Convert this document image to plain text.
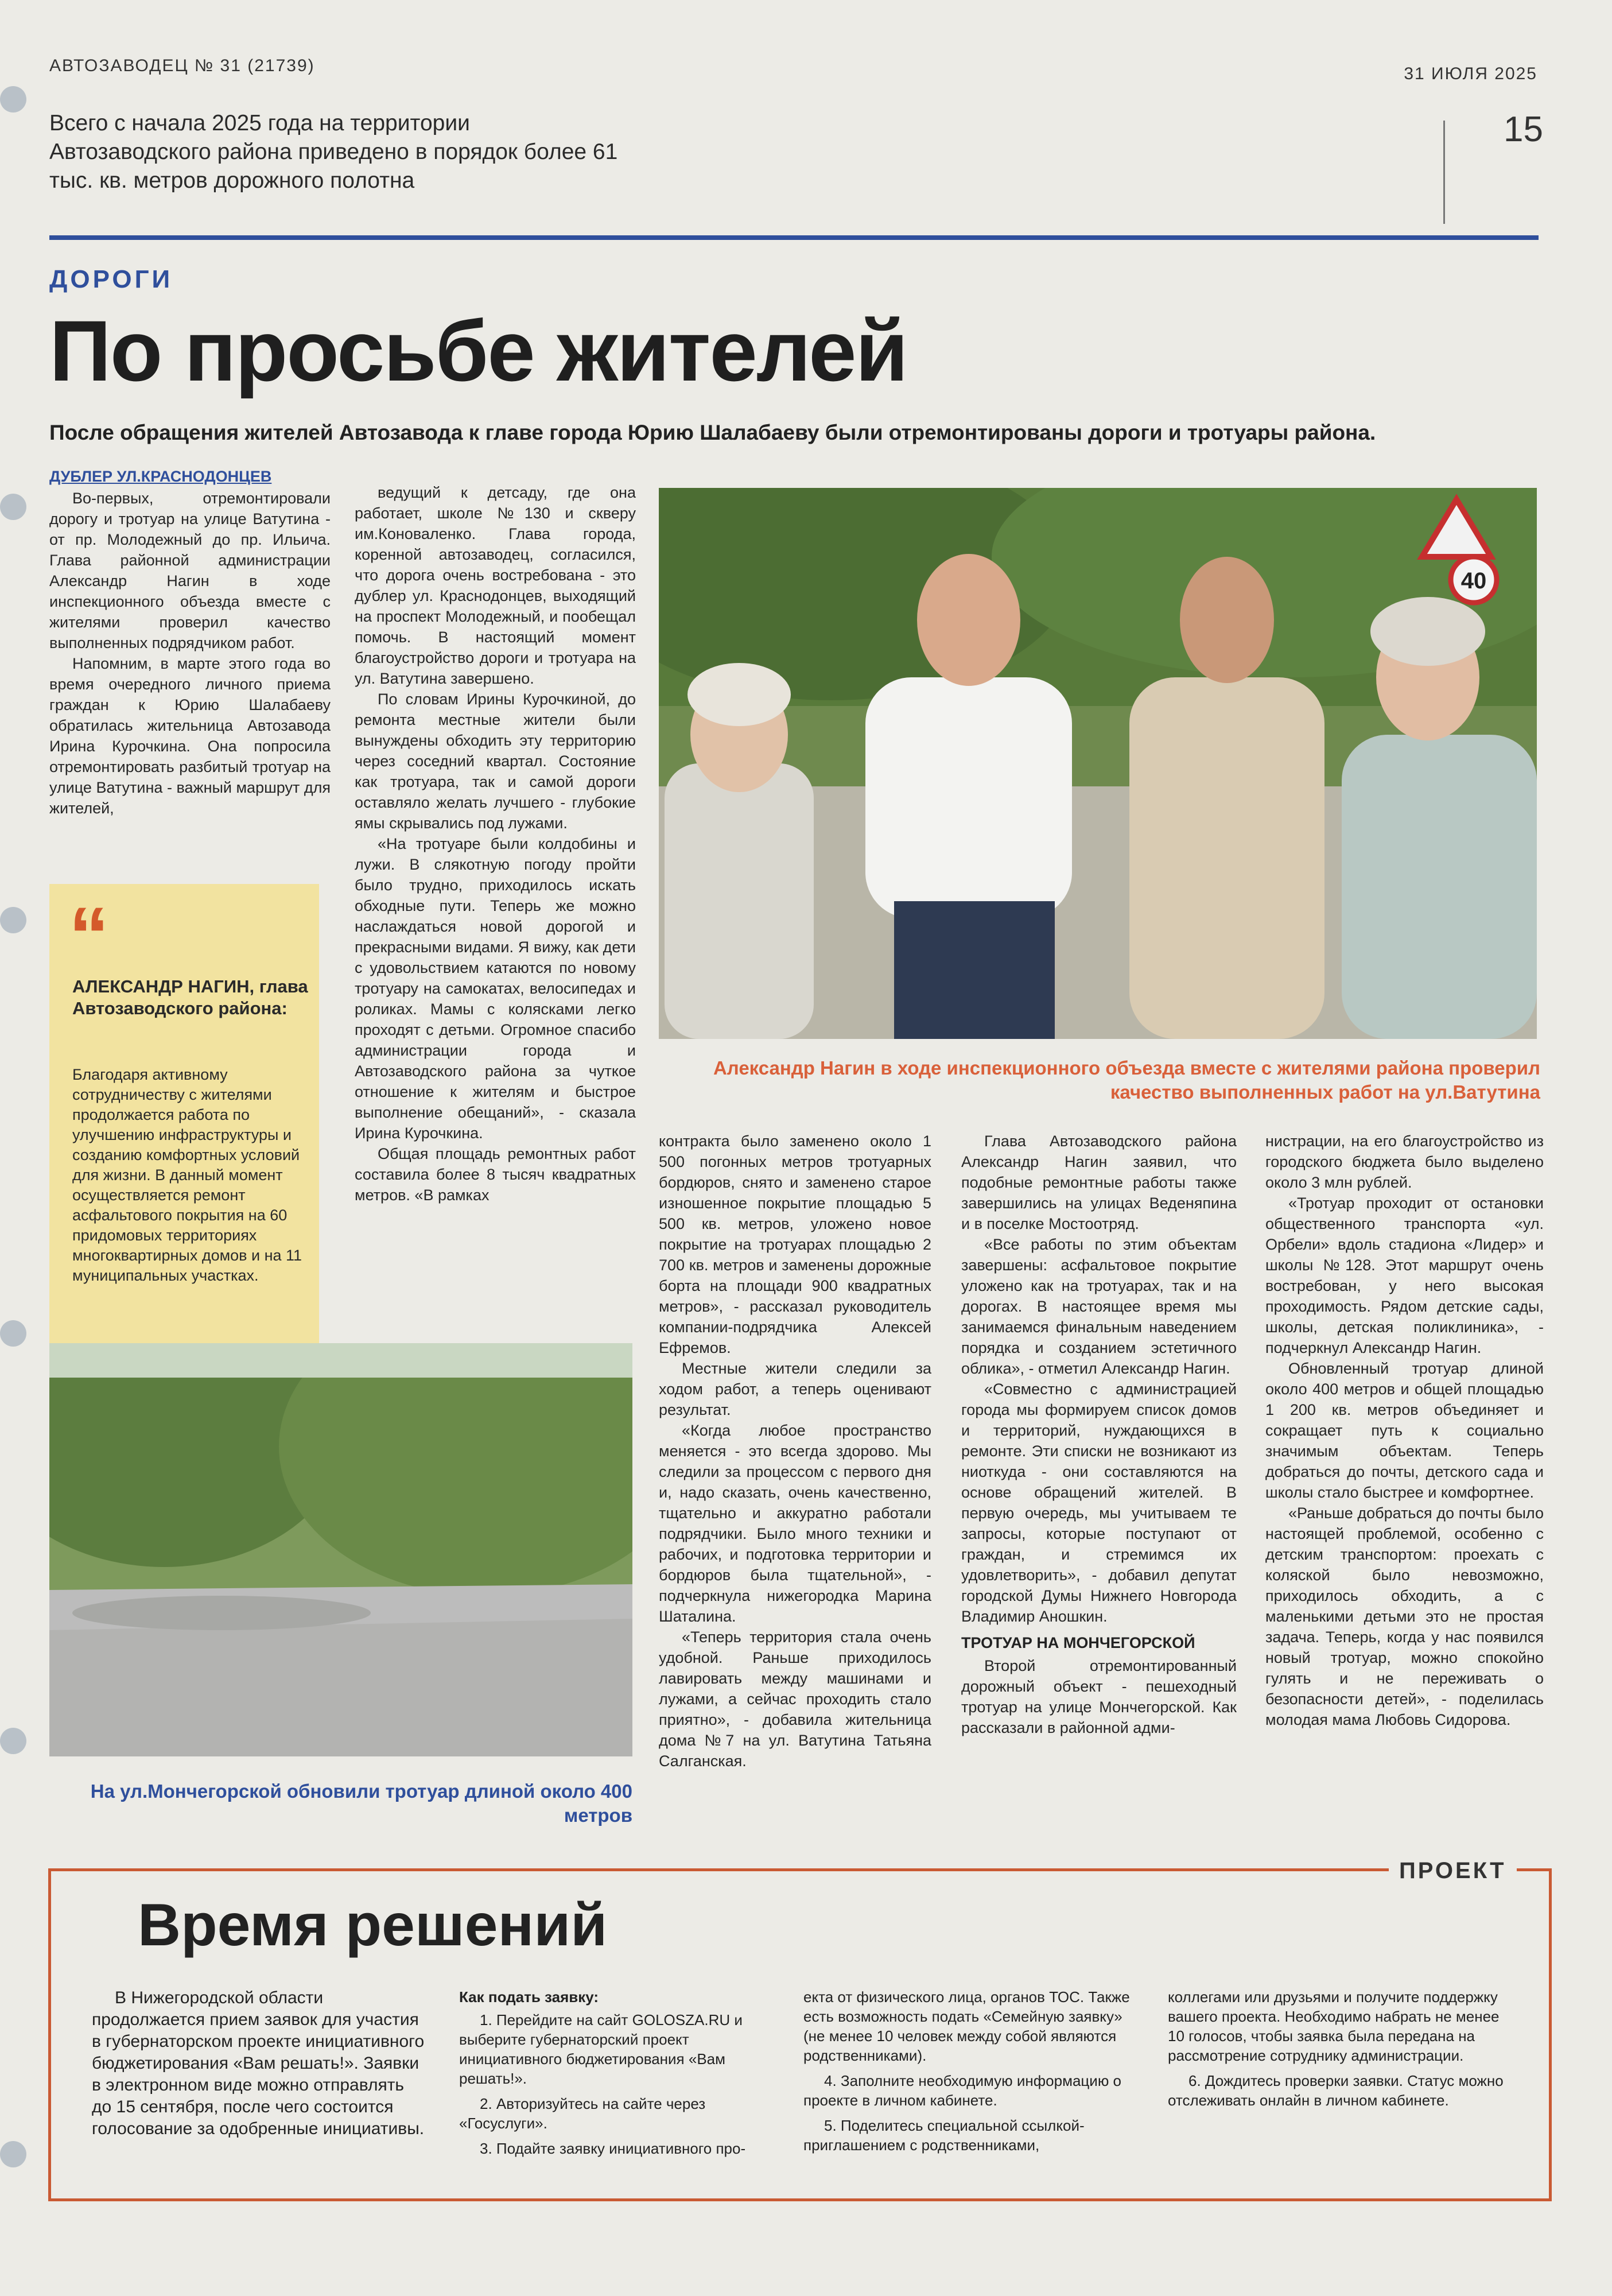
АВТОЗАВОДЕЦ № 31 (21739)	31 ИЮЛЯ 2025
Всего с начала 2025 года на территории Автозаводского района приведено в порядок более 61 тыс. кв. метров дорожного полотна
15
ДОРОГИ
По просьбе жителей
После обращения жителей Автозавода к главе города Юрию Шалабаеву были отремонтированы дороги и тротуары района.
ДУБЛЕР УЛ.КРАСНОДОНЦЕВ

Во-первых, отремонтировали дорогу и тротуар на улице Ватутина - от пр. Молодежный до пр. Ильича. Глава районной администрации Александр Нагин в ходе инспекционного объезда вместе с жителями проверил качество выполненных подрядчиком работ.

Напомним, в марте этого года во время очередного личного приема граждан к Юрию Шалабаеву обратилась жительница Автозавода Ирина Курочкина. Она попросила отремонтировать разбитый тротуар на улице Ватутина - важный маршрут для жителей,

“
АЛЕКСАНДР НАГИН, глава Автозаводского района:
Благодаря активному сотрудничеству с жителями продолжается работа по улучшению инфраструктуры и созданию комфортных условий для жизни. В данный момент осуществляется ремонт асфальтового покрытия на 60 придомовых территориях многоквартирных домов и на 11 муниципальных участках.

ведущий к детсаду, где она работает, школе №130 и скверу им.Коноваленко. Глава города, коренной автозаводец, согласился, что дорога очень востребована - это дублер ул. Краснодонцев, выходящий на проспект Молодежный, и пообещал помочь. В настоящий момент благоустройство дороги и тротуара на ул. Ватутина завершено.

По словам Ирины Курочкиной, до ремонта местные жители были вынуждены обходить эту территорию через соседний квартал. Состояние как тротуара, так и самой дороги оставляло желать лучшего - глубокие ямы скрывались под лужами.

«На тротуаре были колдобины и лужи. В слякотную погоду пройти было трудно, приходилось искать обходные пути. Теперь же можно наслаждаться новой дорогой и прекрасными видами. Я вижу, как дети с удовольствием катаются по новому тротуару на самокатах, велосипедах и роликах. Мамы с колясками легко проходят с детьми. Огромное спасибо администрации города и Автозаводского района за чуткое отношение к жителям и быстрое выполнение обещаний», - сказала Ирина Курочкина.

Общая площадь ремонтных работ составила более 8 тысяч квадратных метров. «В рамках

40
Александр Нагин в ходе инспекционного объезда вместе с жителями района проверил качество выполненных работ на ул.Ватутина
На ул.Мончегорской обновили тротуар длиной около 400 метров

контракта было заменено около 1 500 погонных метров тротуарных бордюров, снято и заменено старое изношенное покрытие площадью 5 500 кв. метров, уложено новое покрытие на тротуарах площадью 2 700 кв. метров и заменены дорожные борта на площади 900 квадратных метров», - рассказал руководитель компании-подрядчика Алексей Ефремов.

Местные жители следили за ходом работ, а теперь оценивают результат.

«Когда любое пространство меняется - это всегда здорово. Мы следили за процессом с первого дня и, надо сказать, очень качественно, тщательно и аккуратно работали подрядчики. Было много техники и рабочих, и подготовка территории и бордюров была тщательной», - подчеркнула нижегородка Марина Шаталина.

«Теперь территория стала очень удобной. Раньше приходилось лавировать между машинами и лужами, а сейчас проходить стало приятно», - добавила жительница дома №7 на ул. Ватутина Татьяна Салганская.

Глава Автозаводского района Александр Нагин заявил, что подобные ремонтные работы также завершились на улицах Веденяпина и в поселке Мостоотряд.

«Все работы по этим объектам завершены: асфальтовое покрытие уложено как на тротуарах, так и на дорогах. В настоящее время мы занимаемся финальным наведением порядка и созданием эстетичного облика», - отметил Александр Нагин.

«Совместно с администрацией города мы формируем список домов и территорий, нуждающихся в ремонте. Эти списки не возникают из ниоткуда - они составляются на основе обращений жителей. В первую очередь, мы учитываем те запросы, которые поступают от граждан, и стремимся их удовлетворить», - добавил депутат городской Думы Нижнего Новгорода Владимир Аношкин.

ТРОТУАР НА МОНЧЕГОРСКОЙ

Второй отремонтированный дорожный объект - пешеходный тротуар на улице Мончегорской. Как рассказали в районной адми-

нистрации, на его благоустройство из городского бюджета было выделено около 3 млн рублей.

«Тротуар проходит от остановки общественного транспорта «ул. Орбели» вдоль стадиона «Лидер» и школы №128. Этот маршрут очень востребован, у него высокая проходимость. Рядом детские сады, школы, детская поликлиника», - подчеркнул Александр Нагин.

Обновленный тротуар длиной около 400 метров и общей площадью 1 200 кв. метров объединяет и сокращает путь к социально значимым объектам. Теперь добраться до почты, детского сада и школы стало быстрее и комфортнее.

«Раньше добраться до почты было настоящей проблемой, особенно с детским транспортом: проехать с коляской было невозможно, приходилось обходить, а с маленькими детьми это не простая задача. Теперь, когда у нас появился новый тротуар, можно спокойно гулять и не переживать о безопасности детей», - поделилась молодая мама Любовь Сидорова.

ПРОЕКТ
Время решений
В Нижегородской области продолжается прием заявок для участия в губернаторском проекте инициативного бюджетирования «Вам решать!». Заявки в электронном виде можно отправлять до 15 сентября, после чего состоится голосование за одобренные инициативы.
Как подать заявку:

1. Перейдите на сайт GOLOSZA.RU и выберите губернаторский проект инициативного бюджетирования «Вам решать!».

2. Авторизуйтесь на сайте через «Госуслуги».

3. Подайте заявку инициативного про-

екта от физического лица, органов ТОС. Также есть возможность подать «Семейную заявку» (не менее 10 человек между собой являются родственниками).

4. Заполните необходимую информацию о проекте в личном кабинете.

5. Поделитесь специальной ссылкой-приглашением с родственниками,

коллегами или друзьями и получите поддержку вашего проекта. Необходимо набрать не менее 10 голосов, чтобы заявка была передана на рассмотрение сотруднику администрации.

6. Дождитесь проверки заявки. Статус можно отслеживать онлайн в личном кабинете.
